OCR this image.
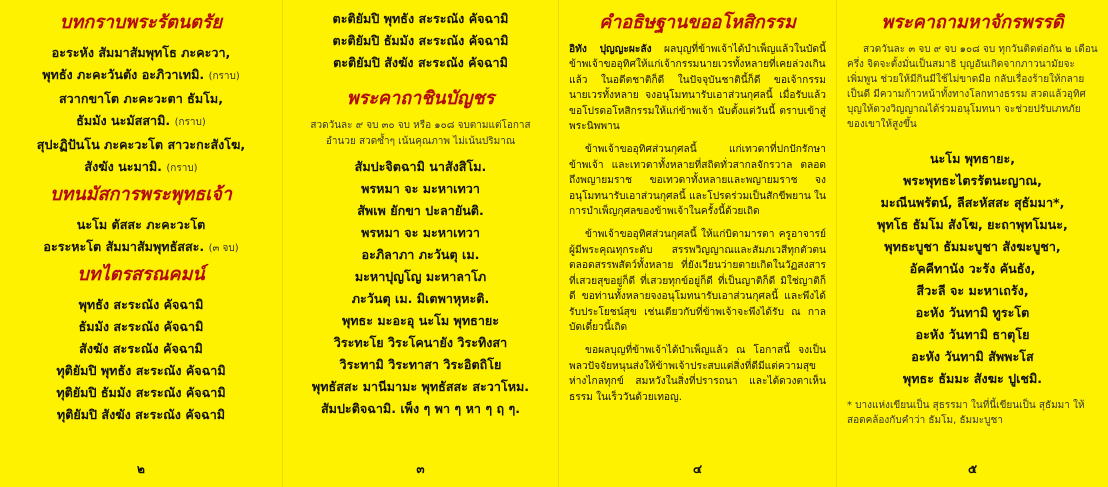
บทกราบพระรัตนตรัย
อะระหัง สัมมาสัมพุทโธ ภะคะวา,
พุทธัง ภะคะวันตัง อะภิวาเทมิ. (กราบ)
สวากขาโต ภะคะวะตา ธัมโม,
ธัมมัง นะมัสสามิ. (กราบ)
สุปะฏิปันโน ภะคะวะโต สาวะกะสังโฆ,
สังฆัง นะมามิ. (กราบ)
บทนมัสการพระพุทธเจ้า
นะโม ตัสสะ ภะคะวะโต
อะระหะโต สัมมาสัมพุทธัสสะ. (๓ จบ)
บทไตรสรณคมน์
พุทธัง สะระณัง คัจฉามิ
ธัมมัง สะระณัง คัจฉามิ
สังฆัง สะระณัง คัจฉามิ
ทุติยัมปิ พุทธัง สะระณัง คัจฉามิ
ทุติยัมปิ ธัมมัง สะระณัง คัจฉามิ
ทุติยัมปิ สังฆัง สะระณัง คัจฉามิ
๒
ตะติยัมปิ พุทธัง สะระณัง คัจฉามิ
ตะติยัมปิ ธัมมัง สะระณัง คัจฉามิ
ตะติยัมปิ สังฆัง สะระณัง คัจฉามิ
พระคาถาชินบัญชร
สวดวันละ ๙ จบ ๓๐ จบ หรือ ๑๐๘ จบตามแต่โอกาส
อำนวย สวดซ้ำๆ เน้นคุณภาพ ไม่เน้นปริมาณ
สัมปะจิตฉามิ นาสังสิโม.
พรหมา จะ มะหาเทวา
สัพเพ ยักขา ปะลายันติ.
พรหมา จะ มะหาเทวา
อะภิลาภา ภะวันตุ เม.
มะหาปุญโญ มะหาลาโภ
ภะวันตุ เม. มิเตพาหุหะติ.
พุทธะ มะอะอุ นะโม พุทธายะ
วิระทะโย วิระโคนายัง วิระทิงสา
วิระทามิ วิระทาสา วิระอิตถิโย
พุทธัสสะ มานีมามะ พุทธัสสะ สะวาโหม.
สัมปะติจฉามิ. เพ็ง ๆ พา ๆ หา ๆ ฤ ๆ.
๓
คำอธิษฐานขออโหสิกรรม

อิทัง ปุญญะผะลัง ผลบุญที่ข้าพเจ้าได้บำเพ็ญแล้วในบัดนี้ ข้าพเจ้าขออุทิศให้แก่เจ้ากรรมนายเวรทั้งหลายที่เคยล่วงเกินแล้ว ในอดีตชาติก็ดี ในปัจจุบันชาตินี้ก็ดี ขอเจ้ากรรมนายเวรทั้งหลาย จงอนุโมทนารับเอาส่วนกุศลนี้ เมื่อรับแล้ว ขอโปรดอโหสิกรรมให้แก่ข้าพเจ้า นับตั้งแต่วันนี้ ตราบเข้าสู่พระนิพพาน

ข้าพเจ้าขออุทิศส่วนกุศลนี้ แก่เทวดาที่ปกปักรักษาข้าพเจ้า และเทวดาทั้งหลายที่สถิตทั่วสากลจักรวาล ตลอดถึงพญายมราช ขอเทวดาทั้งหลายและพญายมราช จงอนุโมทนารับเอาส่วนกุศลนี้ และโปรดร่วมเป็นสักขีพยาน ในการบำเพ็ญกุศลของข้าพเจ้าในครั้งนี้ด้วยเถิด

ข้าพเจ้าขออุทิศส่วนกุศลนี้ ให้แก่บิดามารดา ครูอาจารย์ ผู้มีพระคุณทุกระดับ สรรพวิญญาณและสัมภเวสีทุกตัวตน ตลอดสรรพสัตว์ทั้งหลาย ที่ยังเวียนว่ายตายเกิดในวัฏสงสาร ที่เสวยสุขอยู่ก็ดี ที่เสวยทุกข์อยู่ก็ดี ที่เป็นญาติก็ดี มิใช่ญาติก็ดี ขอท่านทั้งหลายจงอนุโมทนารับเอาส่วนกุศลนี้ และพึงได้รับประโยชน์สุข เช่นเดียวกับที่ข้าพเจ้าจะพึงได้รับ ณ กาลบัดเดี๋ยวนี้เถิด

ขอผลบุญที่ข้าพเจ้าได้บำเพ็ญแล้ว ณ โอกาสนี้ จงเป็นพลวปัจจัยหนุนส่งให้ข้าพเจ้าประสบแต่สิ่งที่ดีมีแต่ความสุข ห่างไกลทุกข์ สมหวังในสิ่งที่ปรารถนา และได้ดวงตาเห็นธรรม ในเร็ววันด้วยเทอญ.

๔
พระคาถามหาจักรพรรดิ

สวดวันละ ๓ จบ ๙ จบ ๑๐๘ จบ ทุกวันติดต่อกัน ๒ เดือนครึ่ง จิตจะตั้งมั่นเป็นสมาธิ บุญอันเกิดจากภาวนามัยจะเพิ่มพูน ช่วยให้มีกินมีใช้ไม่ขาดมือ กลับเรื่องร้ายให้กลายเป็นดี มีความก้าวหน้าทั้งทางโลกทางธรรม สวดแล้วอุทิศบุญให้ดวงวิญญาณได้ร่วมอนุโมทนา จะช่วยปรับเภทภัยของเขาให้สูงขึ้น

นะโม พุทธายะ,
พระพุทธะไตรรัตนะญาณ,
มะณีนพรัตน์, ลีสะหัสสะ สุธัมมา*,
พุทโธ ธัมโม สังโฆ, ยะถาพุทโมนะ,
พุทธะบูชา ธัมมะบูชา สังฆะบูชา,
อัคคีทานัง วะรัง คันธัง,
สีวะลี จะ มะหาเถรัง,
อะหัง วันทามิ ทูระโต
อะหัง วันทามิ ธาตุโย
อะหัง วันทามิ สัพพะโส
พุทธะ ธัมมะ สังฆะ ปูเชมิ.

* บางแห่งเขียนเป็น สุธรรมา ในที่นี้เขียนเป็น สุธัมมา ให้สอดคล้องกับคำว่า ธัมโม, ธัมมะบูชา

๕
